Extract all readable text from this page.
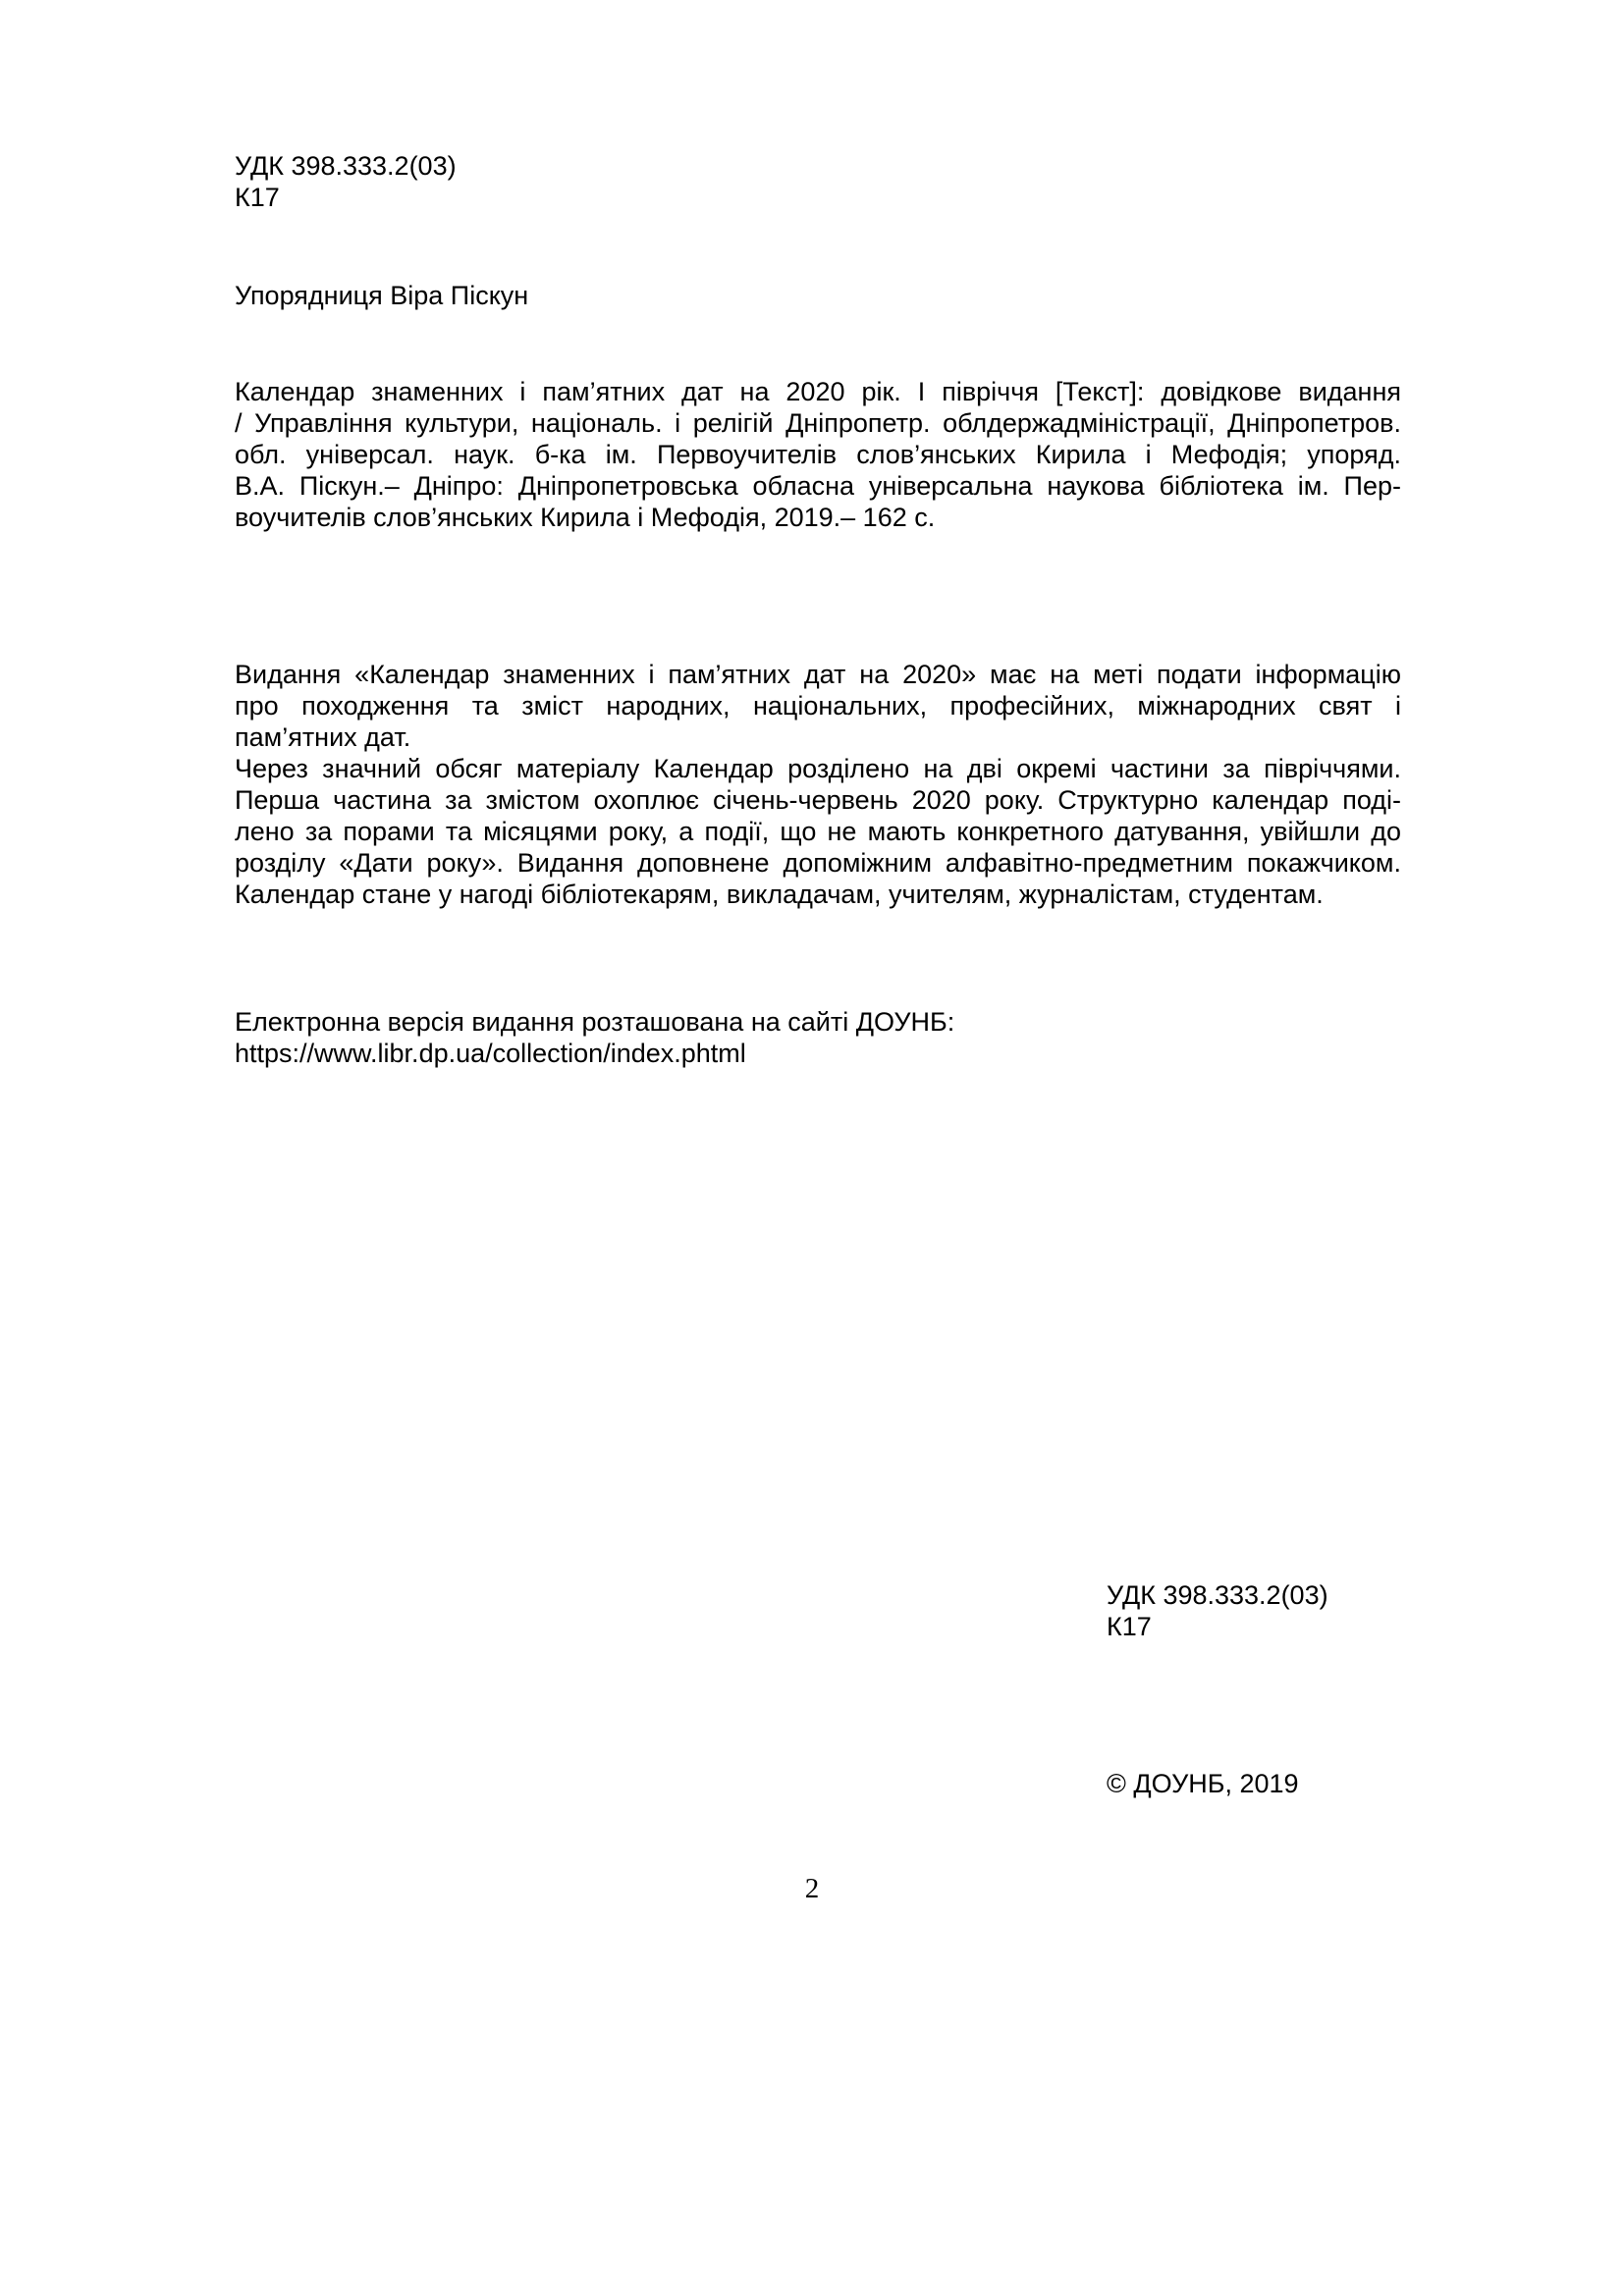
УДК 398.333.2(03)
К17
Упорядниця Віра Піскун
Календар знаменних і пам’ятних дат на 2020 рік. І півріччя [Текст]: довідкове видання
/ Управління культури, національ. і релігій Дніпропетр. облдержадміністрації, Дніпропетров.
обл. універсал. наук. б-ка ім. Первоучителів слов’янських Кирила і Мефодія; упоряд.
В.А. Піскун.– Дніпро: Дніпропетровська обласна універсальна наукова бібліотека ім. Пер-
воучителів слов’янських Кирила і Мефодія, 2019.– 162 с.
Видання «Календар знаменних і пам’ятних дат на 2020» має на меті подати інформацію
про походження та зміст народних, національних, професійних, міжнародних свят і
пам’ятних дат.
Через значний обсяг матеріалу Календар розділено на дві окремі частини за півріччями.
Перша частина за змістом охоплює січень-червень 2020 року. Структурно календар поді-
лено за порами та місяцями року, а події, що не мають конкретного датування, увійшли до
розділу «Дати року». Видання доповнене допоміжним алфавітно-предметним покажчиком.
Календар стане у нагоді бібліотекарям, викладачам, учителям, журналістам, студентам.
Електронна версія видання розташована на сайті ДОУНБ:
https://www.libr.dp.ua/collection/index.phtml
УДК 398.333.2(03)
К17
© ДОУНБ, 2019
2
